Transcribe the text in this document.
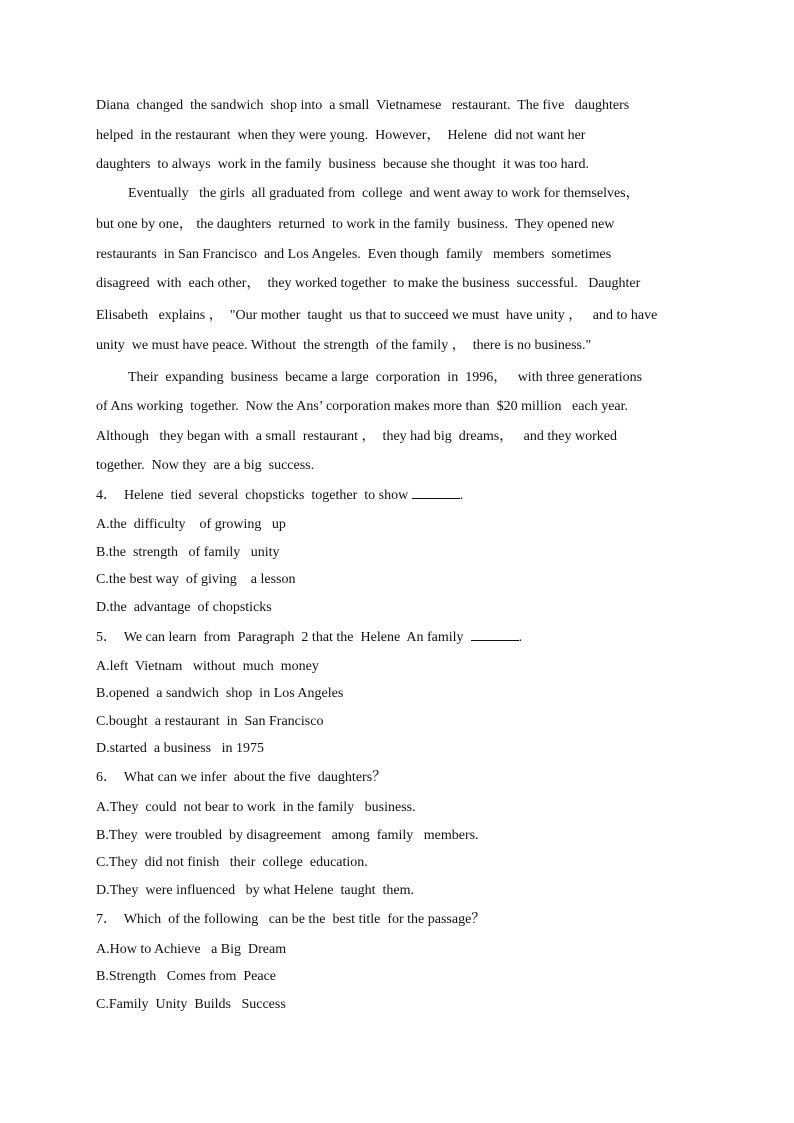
Diana  changed  the sandwich  shop into  a small  Vietnamese   restaurant.  The five   daughters
helped  in the restaurant  when they were young.  However，  Helene  did not want her
daughters  to always  work in the family  business  because she thought  it was too hard.
Eventually   the girls  all graduated from  college  and went away to work for themselves，
but one by one， the daughters  returned  to work in the family  business.  They opened new
restaurants  in San Francisco  and Los Angeles.  Even though  family   members  sometimes
disagreed  with  each other，  they worked together  to make the business  successful.   Daughter
Elisabeth   explains ，  "Our mother  taught  us that to succeed we must  have unity ，   and to have
unity  we must have peace. Without  the strength  of the family ，  there is no business."
Their  expanding  business  became a large  corporation  in  1996，   with three generations
of Ans working  together.  Now the Ans’ corporation makes more than  $20 million   each year.
Although   they began with  a small  restaurant ，  they had big  dreams，   and they worked
together.  Now they  are a big  success.
4．  Helene  tied  several  chopsticks  together  to show	.
A.the  difficulty    of growing   up
B.the  strength   of family   unity
C.the best way  of giving    a lesson
D.the  advantage  of chopsticks
5．  We can learn  from  Paragraph  2 that the  Helene  An family	.
A.left  Vietnam   without  much  money
B.opened  a sandwich  shop  in Los Angeles
C.bought  a restaurant  in  San Francisco
D.started  a business   in 1975
6．  What can we infer  about the five  daughters？
A.They  could  not bear to work  in the family   business.
B.They  were troubled  by disagreement   among  family   members.
C.They  did not finish   their  college  education.
D.They  were influenced   by what Helene  taught  them.
7．  Which  of the following   can be the  best title  for the passage？
A.How to Achieve   a Big  Dream
B.Strength   Comes from  Peace
C.Family  Unity  Builds   Success
